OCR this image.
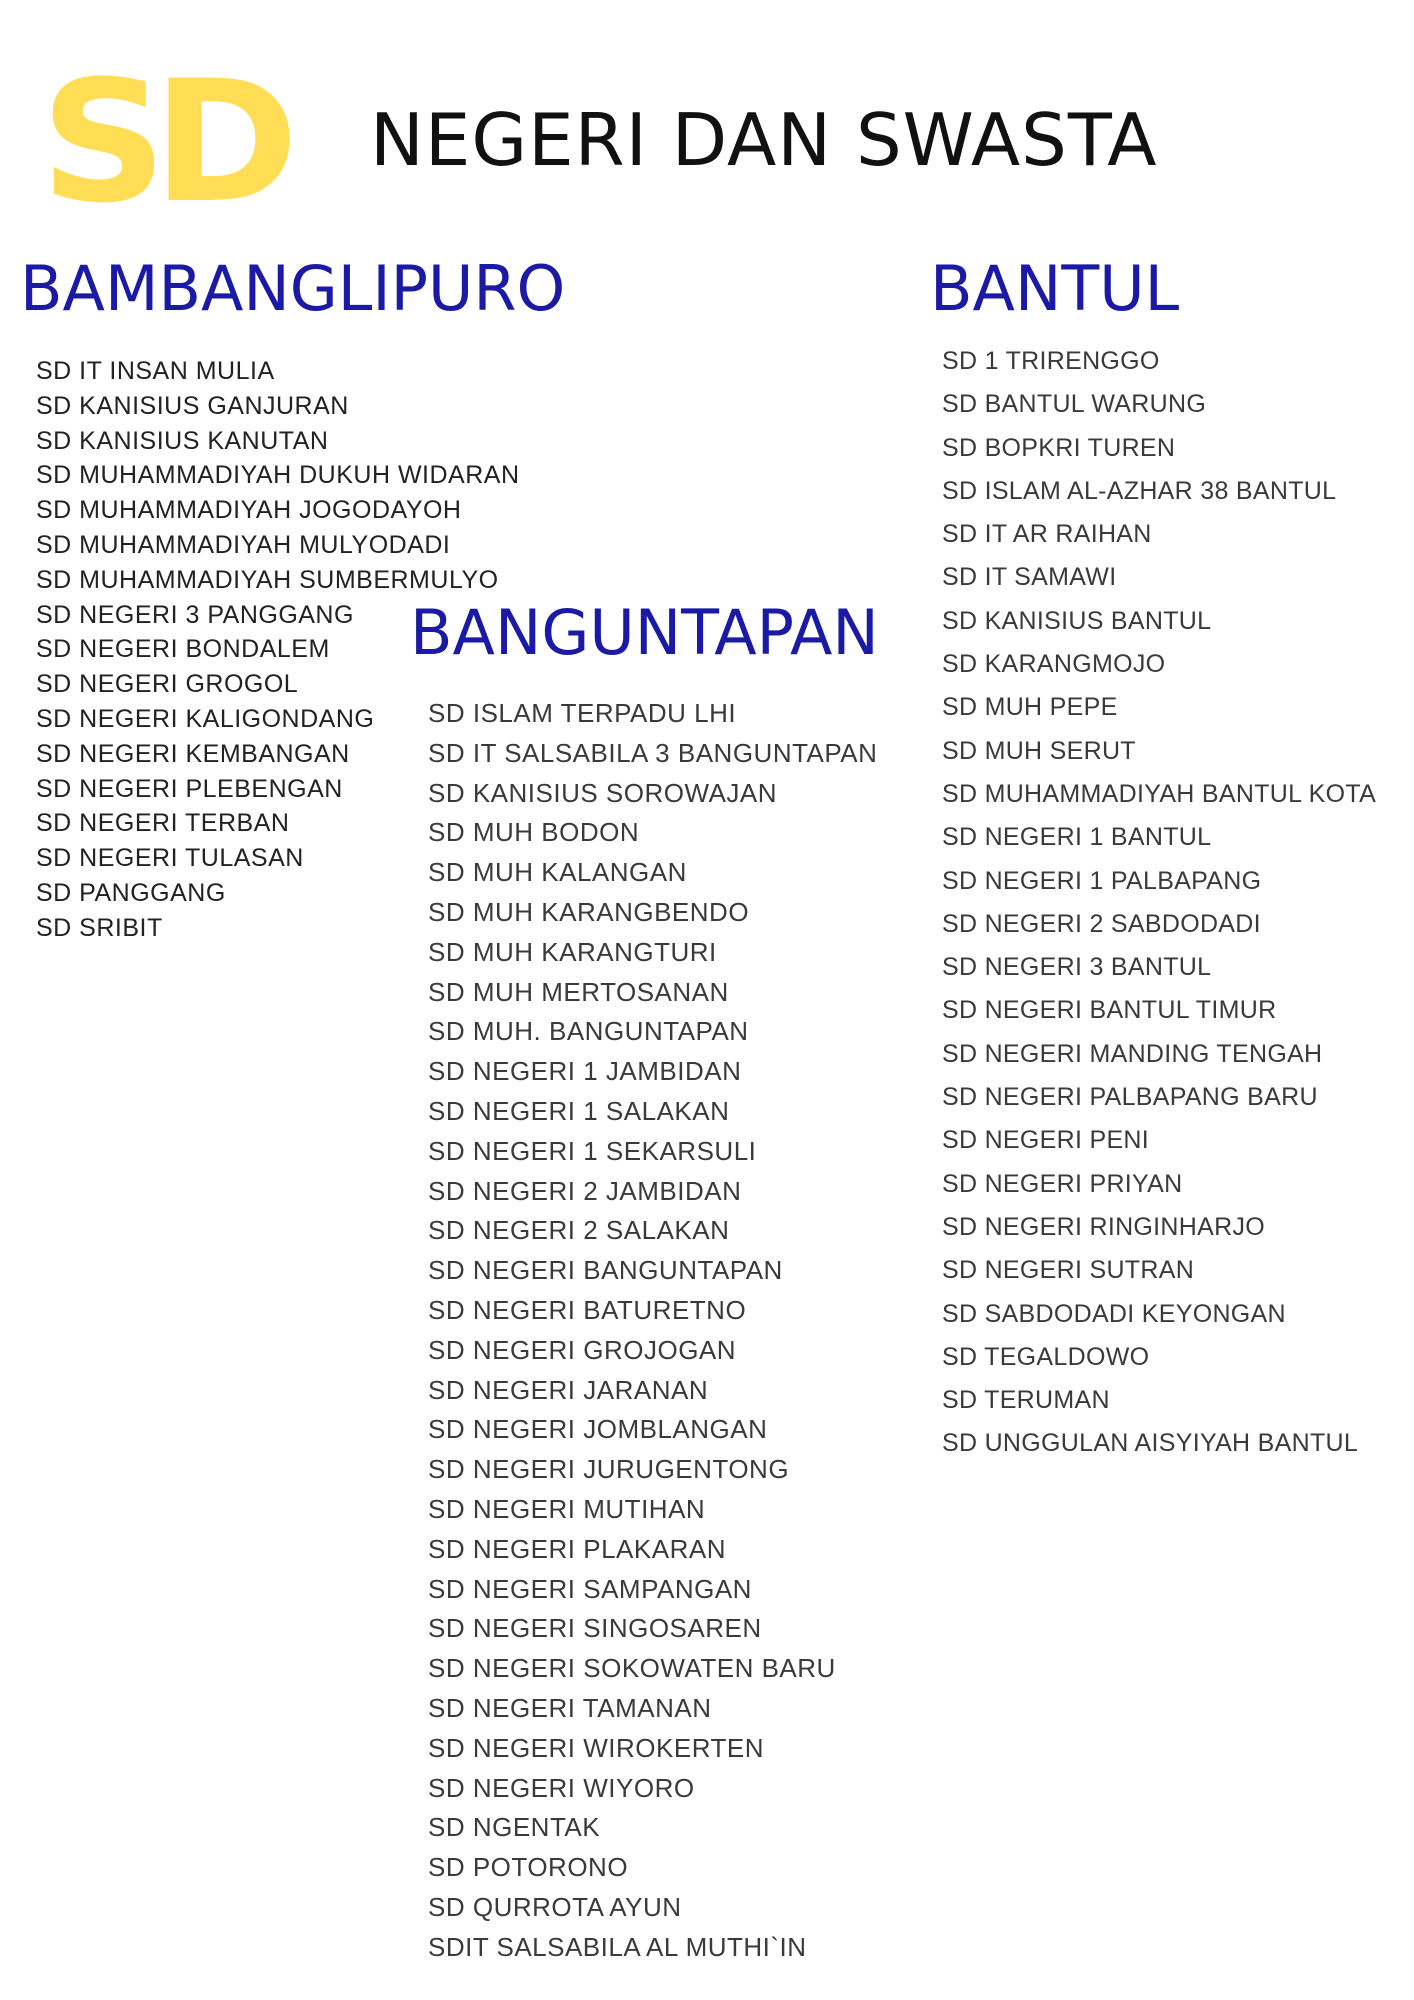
SD NEGERI DAN SWASTA
BAMBANGLIPURO
SD IT INSAN MULIA
SD KANISIUS GANJURAN
SD KANISIUS KANUTAN
SD MUHAMMADIYAH DUKUH WIDARAN
SD MUHAMMADIYAH JOGODAYOH
SD MUHAMMADIYAH MULYODADI
SD MUHAMMADIYAH SUMBERMULYO
SD NEGERI 3 PANGGANG
SD NEGERI BONDALEM
SD NEGERI GROGOL
SD NEGERI KALIGONDANG
SD NEGERI KEMBANGAN
SD NEGERI PLEBENGAN
SD NEGERI TERBAN
SD NEGERI TULASAN
SD PANGGANG
SD SRIBIT
BANGUNTAPAN
SD ISLAM TERPADU LHI
SD IT SALSABILA 3 BANGUNTAPAN
SD KANISIUS SOROWAJAN
SD MUH BODON
SD MUH KALANGAN
SD MUH KARANGBENDO
SD MUH KARANGTURI
SD MUH MERTOSANAN
SD MUH. BANGUNTAPAN
SD NEGERI 1 JAMBIDAN
SD NEGERI 1 SALAKAN
SD NEGERI 1 SEKARSULI
SD NEGERI 2 JAMBIDAN
SD NEGERI 2 SALAKAN
SD NEGERI BANGUNTAPAN
SD NEGERI BATURETNO
SD NEGERI GROJOGAN
SD NEGERI JARANAN
SD NEGERI JOMBLANGAN
SD NEGERI JURUGENTONG
SD NEGERI MUTIHAN
SD NEGERI PLAKARAN
SD NEGERI SAMPANGAN
SD NEGERI SINGOSAREN
SD NEGERI SOKOWATEN BARU
SD NEGERI TAMANAN
SD NEGERI WIROKERTEN
SD NEGERI WIYORO
SD NGENTAK
SD POTORONO
SD QURROTA AYUN
SDIT SALSABILA AL MUTHI`IN
BANTUL
SD 1 TRIRENGGO
SD BANTUL WARUNG
SD BOPKRI TUREN
SD ISLAM AL-AZHAR 38 BANTUL
SD IT AR RAIHAN
SD IT SAMAWI
SD KANISIUS BANTUL
SD KARANGMOJO
SD MUH PEPE
SD MUH SERUT
SD MUHAMMADIYAH BANTUL KOTA
SD NEGERI 1 BANTUL
SD NEGERI 1 PALBAPANG
SD NEGERI 2 SABDODADI
SD NEGERI 3 BANTUL
SD NEGERI BANTUL TIMUR
SD NEGERI MANDING TENGAH
SD NEGERI PALBAPANG BARU
SD NEGERI PENI
SD NEGERI PRIYAN
SD NEGERI RINGINHARJO
SD NEGERI SUTRAN
SD SABDODADI KEYONGAN
SD TEGALDOWO
SD TERUMAN
SD UNGGULAN AISYIYAH BANTUL
